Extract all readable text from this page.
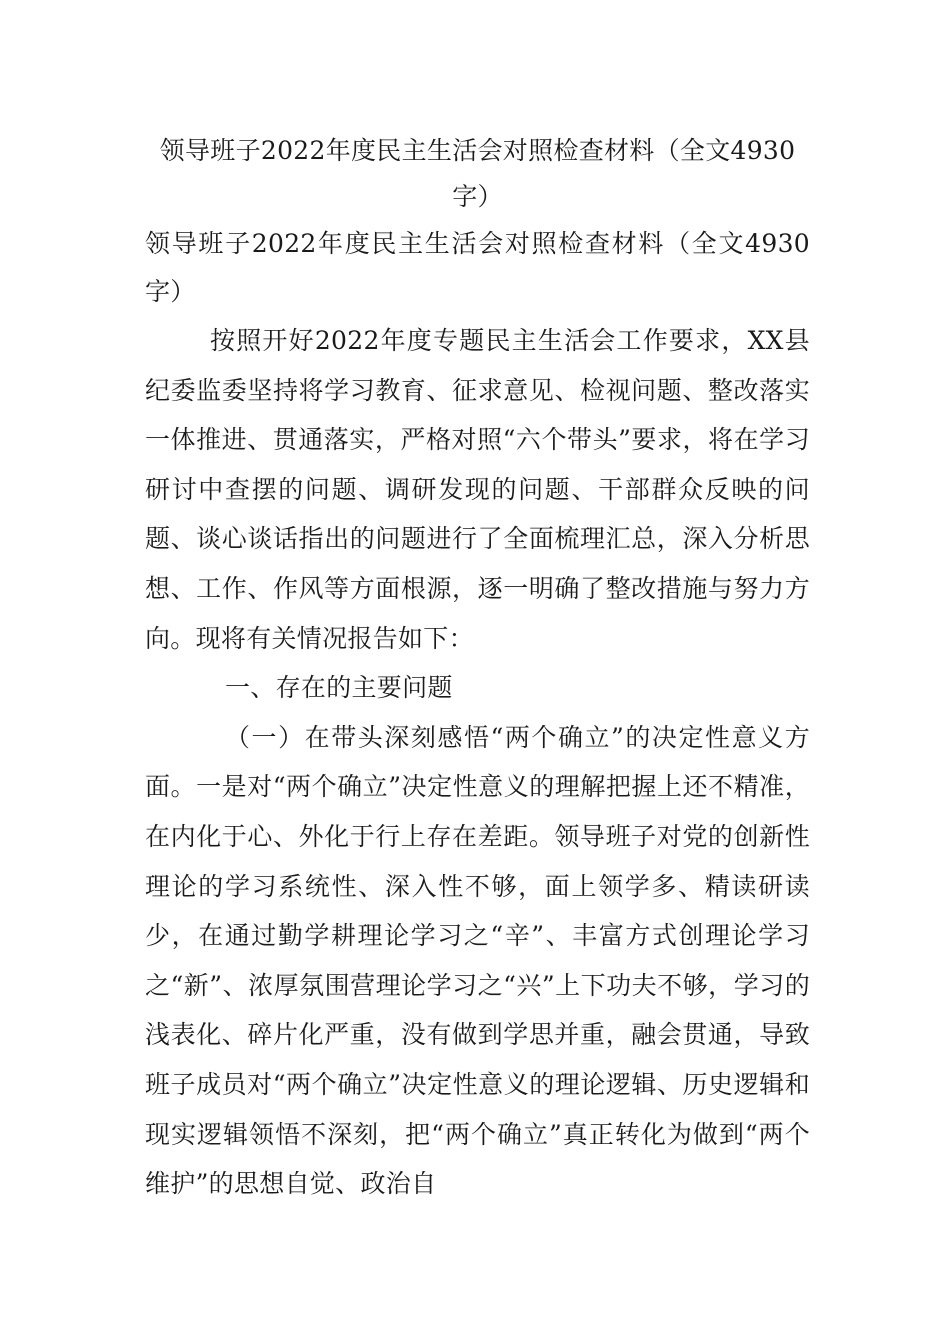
领导班子2022年度民主生活会对照检查材料（全文4930字）

领导班子2022年度民主生活会对照检查材料（全文4930字）

按照开好2022年度专题民主生活会工作要求，XX县纪委监委坚持将学习教育、征求意见、检视问题、整改落实一体推进、贯通落实，严格对照“六个带头”要求，将在学习研讨中查摆的问题、调研发现的问题、干部群众反映的问题、谈心谈话指出的问题进行了全面梳理汇总，深入分析思想、工作、作风等方面根源，逐一明确了整改措施与努力方向。现将有关情况报告如下：

一、存在的主要问题

（一）在带头深刻感悟“两个确立”的决定性意义方面。一是对“两个确立”决定性意义的理解把握上还不精准，在内化于心、外化于行上存在差距。领导班子对党的创新性理论的学习系统性、深入性不够，面上领学多、精读研读少，在通过勤学耕理论学习之“辛”、丰富方式创理论学习之“新”、浓厚氛围营理论学习之“兴”上下功夫不够，学习的浅表化、碎片化严重，没有做到学思并重，融会贯通，导致班子成员对“两个确立”决定性意义的理论逻辑、历史逻辑和现实逻辑领悟不深刻，把“两个确立”真正转化为做到“两个维护”的思想自觉、政治自
